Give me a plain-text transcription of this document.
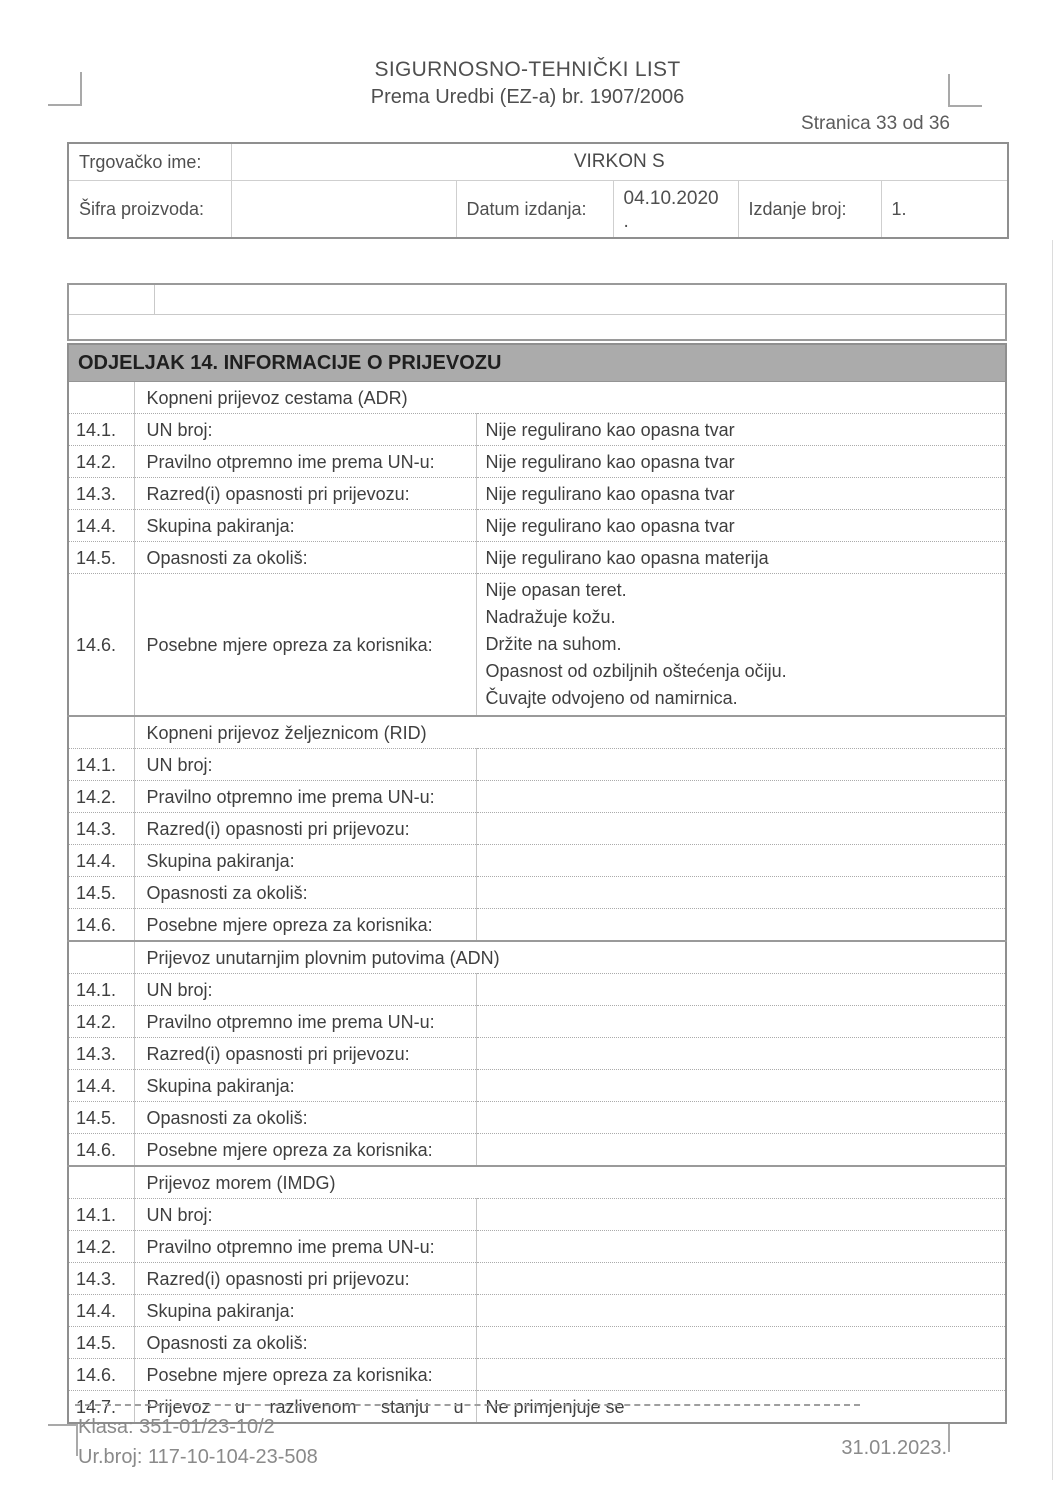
SIGURNOSNO-TEHNIČKI LIST
Prema Uredbi (EZ-a) br. 1907/2006
Stranica 33 od 36
Trgovačko ime:	VIRKON S				
Šifra proizvoda:		Datum izdanja:	04.10.2020
.	Izdanje broj:	1.

ODJELJAK 14. INFORMACIJE O PRIJEVOZU		
	Kopneni prijevoz cestama (ADR)	
14.1.	UN broj:	Nije regulirano kao opasna tvar
14.2.	Pravilno otpremno ime prema UN-u:	Nije regulirano kao opasna tvar
14.3.	Razred(i) opasnosti pri prijevozu:	Nije regulirano kao opasna tvar
14.4.	Skupina pakiranja:	Nije regulirano kao opasna tvar
14.5.	Opasnosti za okoliš:	Nije regulirano kao opasna materija
14.6.	Posebne mjere opreza za korisnika:	Nije opasan teret.
Nadražuje kožu.
Držite na suhom.
Opasnost od ozbiljnih oštećenja očiju.
Čuvajte odvojeno od namirnica.

	Kopneni prijevoz željeznicom (RID)	
14.1.	UN broj:	
14.2.	Pravilno otpremno ime prema UN-u:	
14.3.	Razred(i) opasnosti pri prijevozu:	
14.4.	Skupina pakiranja:	
14.5.	Opasnosti za okoliš:	
14.6.	Posebne mjere opreza za korisnika:	
	Prijevoz unutarnjim plovnim putovima (ADN)	
14.1.	UN broj:	
14.2.	Pravilno otpremno ime prema UN-u:	
14.3.	Razred(i) opasnosti pri prijevozu:	
14.4.	Skupina pakiranja:	
14.5.	Opasnosti za okoliš:	
14.6.	Posebne mjere opreza za korisnika:	
	Prijevoz morem (IMDG)	
14.1.	UN broj:	
14.2.	Pravilno otpremno ime prema UN-u:	
14.3.	Razred(i) opasnosti pri prijevozu:	
14.4.	Skupina pakiranja:	
14.5.	Opasnosti za okoliš:	
14.6.	Posebne mjere opreza za korisnika:	
14.7.	Prijevoz u razlivenom stanju u	Ne primjenjuje se
Klasa: 351-01/23-10/2
Ur.broj: 117-10-104-23-508	31.01.2023.
